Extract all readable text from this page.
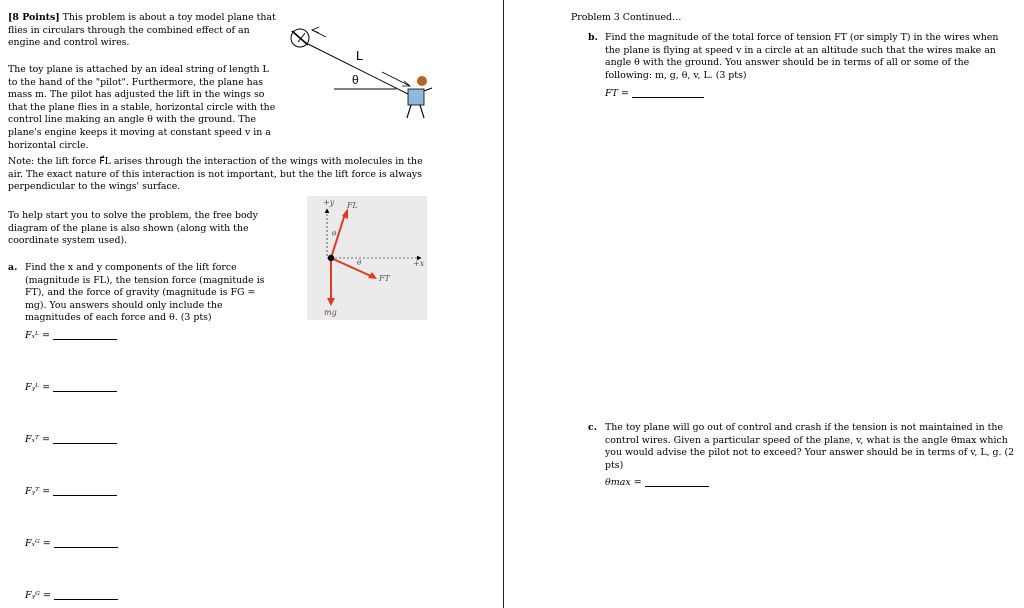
[8 Points] This problem is about a toy model plane that flies in circulars through the combined effect of an engine and control wires.
The toy plane is attached by an ideal string of length L to the hand of the "pilot". Furthermore, the plane has mass m. The pilot has adjusted the lift in the wings so that the plane flies in a stable, horizontal circle with the control line making an angle θ with the ground. The plane's engine keeps it moving at constant speed v in a horizontal circle.
L
θ
Note: the lift force F⃗L arises through the interaction of the wings with molecules in the air. The exact nature of this interaction is not important, but the the lift force is always perpendicular to the wings' surface.
To help start you to solve the problem, the free body diagram of the plane is also shown (along with the coordinate system used).
+y
+x
FL
FT
mg
θ
θ
a. Find the x and y components of the lift force (magnitude is FL), the tension force (magnitude is FT), and the force of gravity (magnitude is FG = mg). You answers should only include the magnitudes of each force and θ. (3 pts)
Fₓᴸ =
Fᵧᴸ =
Fₓᵀ =
Fᵧᵀ =
Fₓᴳ =
Fᵧᴳ =
Problem 3 Continued…
b. Find the magnitude of the total force of tension FT (or simply T) in the wires when the plane is flying at speed v in a circle at an altitude such that the wires make an angle θ with the ground. You answer should be in terms of all or some of the following: m, g, θ, v, L. (3 pts)
FT =
c. The toy plane will go out of control and crash if the tension is not maintained in the control wires. Given a particular speed of the plane, v, what is the angle θmax which you would advise the pilot not to exceed? Your answer should be in terms of v, L, g. (2 pts)
θmax =
